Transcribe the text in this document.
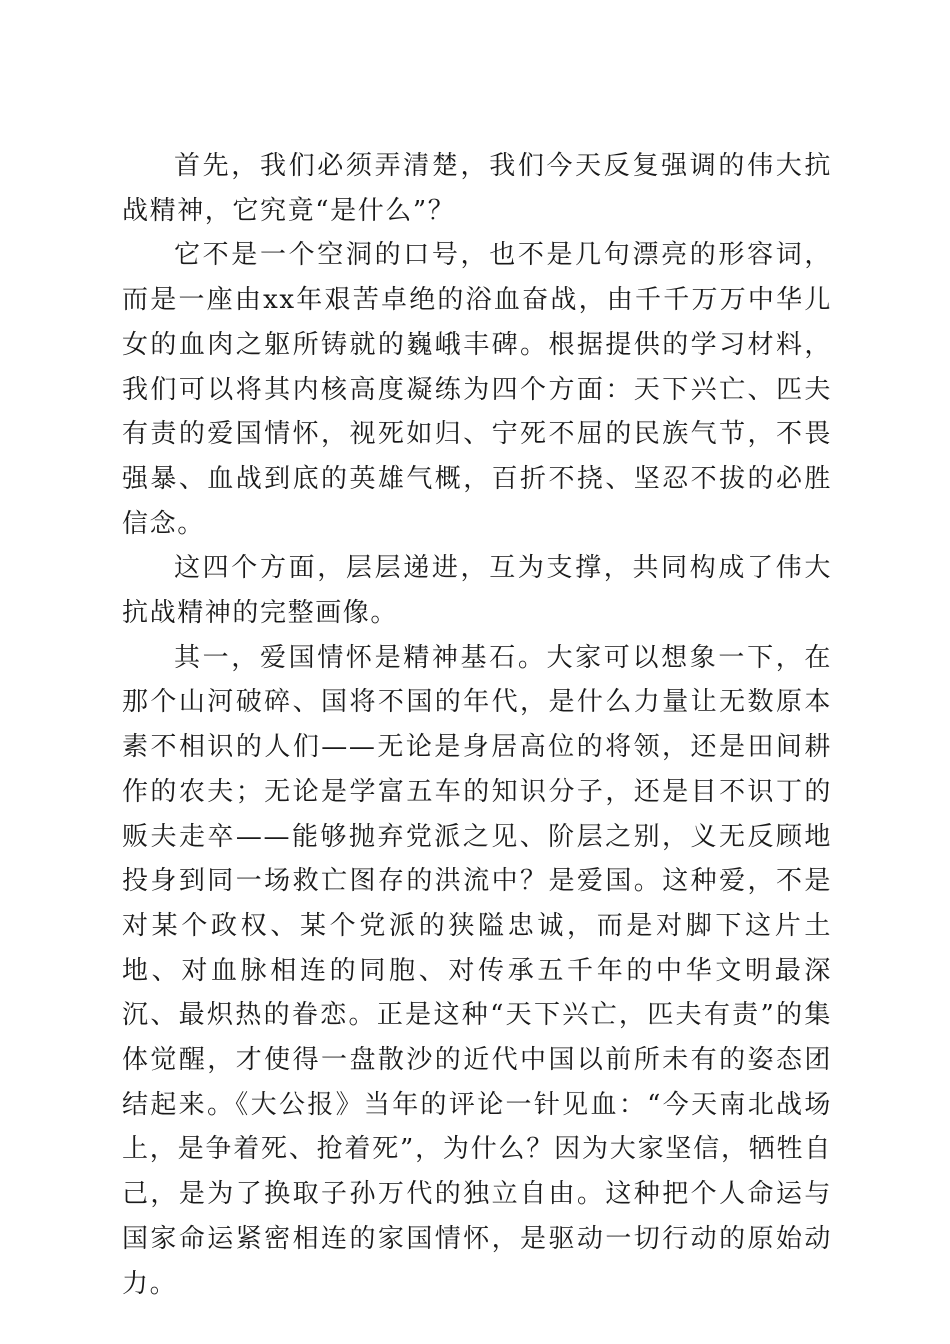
首先，我们必须弄清楚，我们今天反复强调的伟大抗战精神，它究竟“是什么”？

它不是一个空洞的口号，也不是几句漂亮的形容词，而是一座由xx年艰苦卓绝的浴血奋战，由千千万万中华儿女的血肉之躯所铸就的巍峨丰碑。根据提供的学习材料，我们可以将其内核高度凝练为四个方面：天下兴亡、匹夫有责的爱国情怀，视死如归、宁死不屈的民族气节，不畏强暴、血战到底的英雄气概，百折不挠、坚忍不拔的必胜信念。

这四个方面，层层递进，互为支撑，共同构成了伟大抗战精神的完整画像。

其一，爱国情怀是精神基石。大家可以想象一下，在那个山河破碎、国将不国的年代，是什么力量让无数原本素不相识的人们——无论是身居高位的将领，还是田间耕作的农夫；无论是学富五车的知识分子，还是目不识丁的贩夫走卒——能够抛弃党派之见、阶层之别，义无反顾地投身到同一场救亡图存的洪流中？是爱国。这种爱，不是对某个政权、某个党派的狭隘忠诚，而是对脚下这片土地、对血脉相连的同胞、对传承五千年的中华文明最深沉、最炽热的眷恋。正是这种“天下兴亡，匹夫有责”的集体觉醒，才使得一盘散沙的近代中国以前所未有的姿态团结起来。《大公报》当年的评论一针见血：“今天南北战场上，是争着死、抢着死”，为什么？因为大家坚信，牺牲自己，是为了换取子孙万代的独立自由。这种把个人命运与国家命运紧密相连的家国情怀，是驱动一切行动的原始动力。
